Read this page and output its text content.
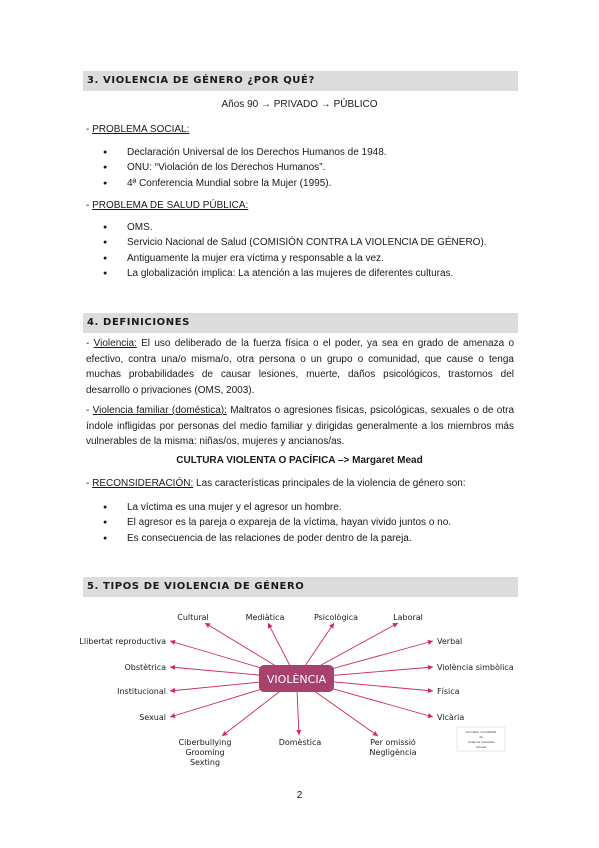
3. VIOLENCIA DE GÉNERO ¿POR QUÉ?
Años 90 → PRIVADO → PÚBLICO
- PROBLEMA SOCIAL:
● Declaración Universal de los Derechos Humanos de 1948.
● ONU: “Violación de los Derechos Humanos”.
● 4ª Conferencia Mundial sobre la Mujer (1995).
- PROBLEMA DE SALUD PÚBLICA:
● OMS.
● Servicio Nacional de Salud (COMISIÓN CONTRA LA VIOLENCIA DE GÉNERO).
● Antiguamente la mujer era víctima y responsable a la vez.
● La globalización implica: La atención a las mujeres de diferentes culturas.
4. DEFINICIONES
- Violencia: El uso deliberado de la fuerza física o el poder, ya sea en grado de amenaza o efectivo, contra una/o misma/o, otra persona o un grupo o comunidad, que cause o tenga muchas probabilidades de causar lesiones, muerte, daños psicológicos, trastornos del desarrollo o privaciones (OMS, 2003).
- Violencia familiar (doméstica): Maltratos o agresiones físicas, psicológicas, sexuales o de otra índole infligidas por personas del medio familiar y dirigidas generalmente a los miembros más vulnerables de la misma: niñas/os, mujeres y ancianos/as.
CULTURA VIOLENTA O PACÍFICA –> Margaret Mead
- RECONSIDERACIÓN: Las características principales de la violencia de género son:
● La víctima es una mujer y el agresor un hombre.
● El agresor es la pareja o expareja de la víctima, hayan vivido juntos o no.
● Es consecuencia de las relaciones de poder dentro de la pareja.
5. TIPOS DE VIOLENCIA DE GÉNERO
VIOLÈNCIA
Cultural	Mediàtica	Psicològica	Laboral
Llibertat reproductiva	Verbal
Obstètrica	Violència simbòlica
Institucional	Física
Sexual	Vicària
Ciberbullying
Grooming
Sexting
Domèstica	Per omissió
Negligència
Concepte i modalitats
de
violència masclista
actuals
2
